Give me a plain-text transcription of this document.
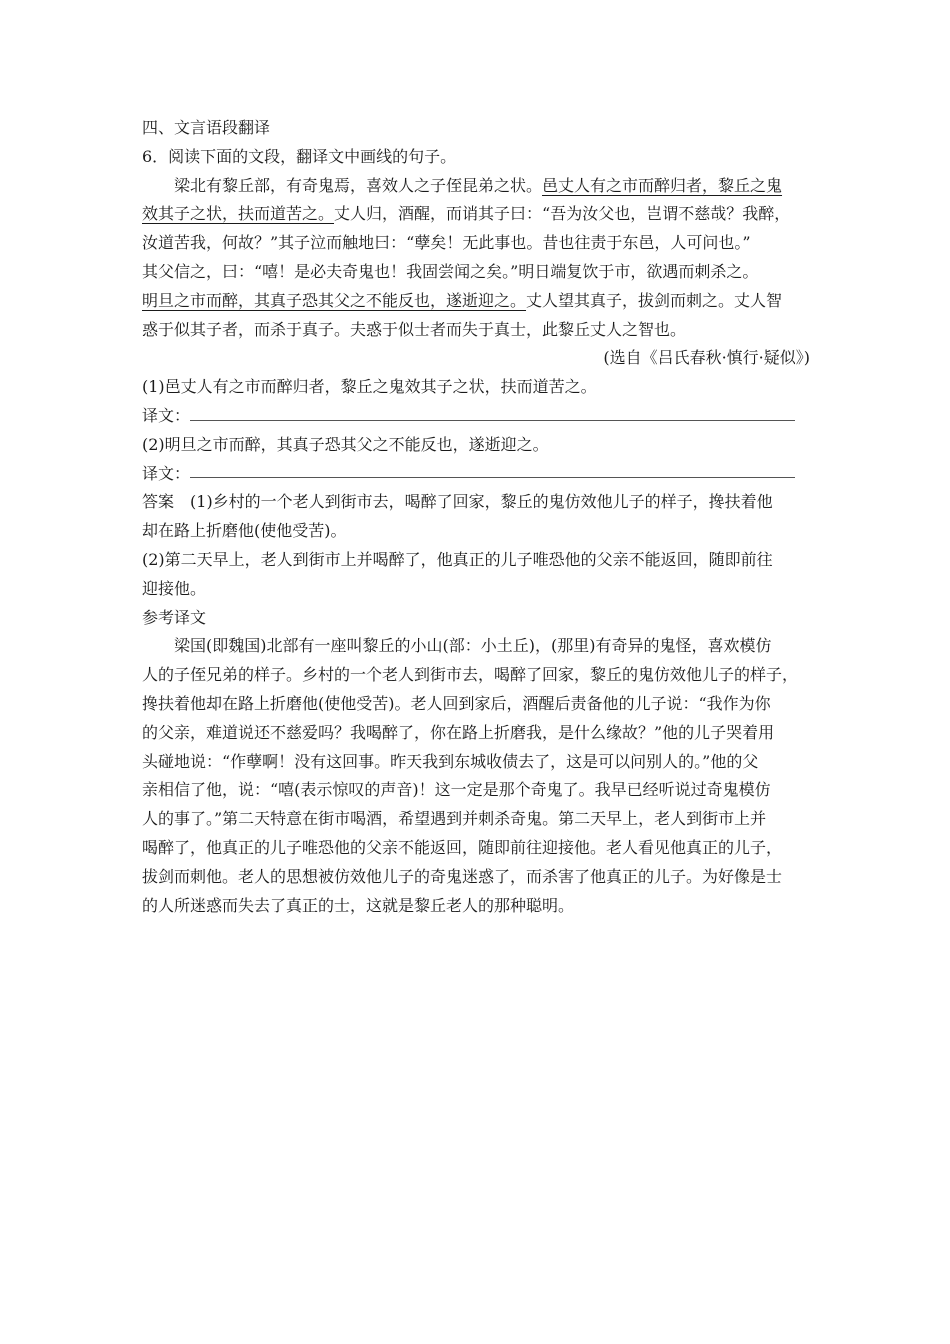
四、文言语段翻译
6．阅读下面的文段，翻译文中画线的句子。
梁北有黎丘部，有奇鬼焉，喜效人之子侄昆弟之状。邑丈人有之市而醉归者，黎丘之鬼
效其子之状，扶而道苦之。丈人归，酒醒，而诮其子曰：“吾为汝父也，岂谓不慈哉？我醉，
汝道苦我，何故？”其子泣而触地曰：“孽矣！无此事也。昔也往责于东邑，人可问也。”
其父信之，曰：“嘻！是必夫奇鬼也！我固尝闻之矣。”明日端复饮于市，欲遇而刺杀之。
明旦之市而醉，其真子恐其父之不能反也，遂逝迎之。丈人望其真子，拔剑而刺之。丈人智
惑于似其子者，而杀于真子。夫惑于似士者而失于真士，此黎丘丈人之智也。
(选自《吕氏春秋·慎行·疑似》)
(1)邑丈人有之市而醉归者，黎丘之鬼效其子之状，扶而道苦之。
译文：
(2)明旦之市而醉，其真子恐其父之不能反也，遂逝迎之。
译文：
答案 (1)乡村的一个老人到街市去，喝醉了回家，黎丘的鬼仿效他儿子的样子，搀扶着他
却在路上折磨他(使他受苦)。
(2)第二天早上，老人到街市上并喝醉了，他真正的儿子唯恐他的父亲不能返回，随即前往
迎接他。
参考译文
梁国(即魏国)北部有一座叫黎丘的小山(部：小土丘)，(那里)有奇异的鬼怪，喜欢模仿
人的子侄兄弟的样子。乡村的一个老人到街市去，喝醉了回家，黎丘的鬼仿效他儿子的样子，
搀扶着他却在路上折磨他(使他受苦)。老人回到家后，酒醒后责备他的儿子说：“我作为你
的父亲，难道说还不慈爱吗？我喝醉了，你在路上折磨我，是什么缘故？”他的儿子哭着用
头碰地说：“作孽啊！没有这回事。昨天我到东城收债去了，这是可以问别人的。”他的父
亲相信了他，说：“嘻(表示惊叹的声音)！这一定是那个奇鬼了。我早已经听说过奇鬼模仿
人的事了。”第二天特意在街市喝酒，希望遇到并刺杀奇鬼。第二天早上，老人到街市上并
喝醉了，他真正的儿子唯恐他的父亲不能返回，随即前往迎接他。老人看见他真正的儿子，
拔剑而刺他。老人的思想被仿效他儿子的奇鬼迷惑了，而杀害了他真正的儿子。为好像是士
的人所迷惑而失去了真正的士，这就是黎丘老人的那种聪明。
